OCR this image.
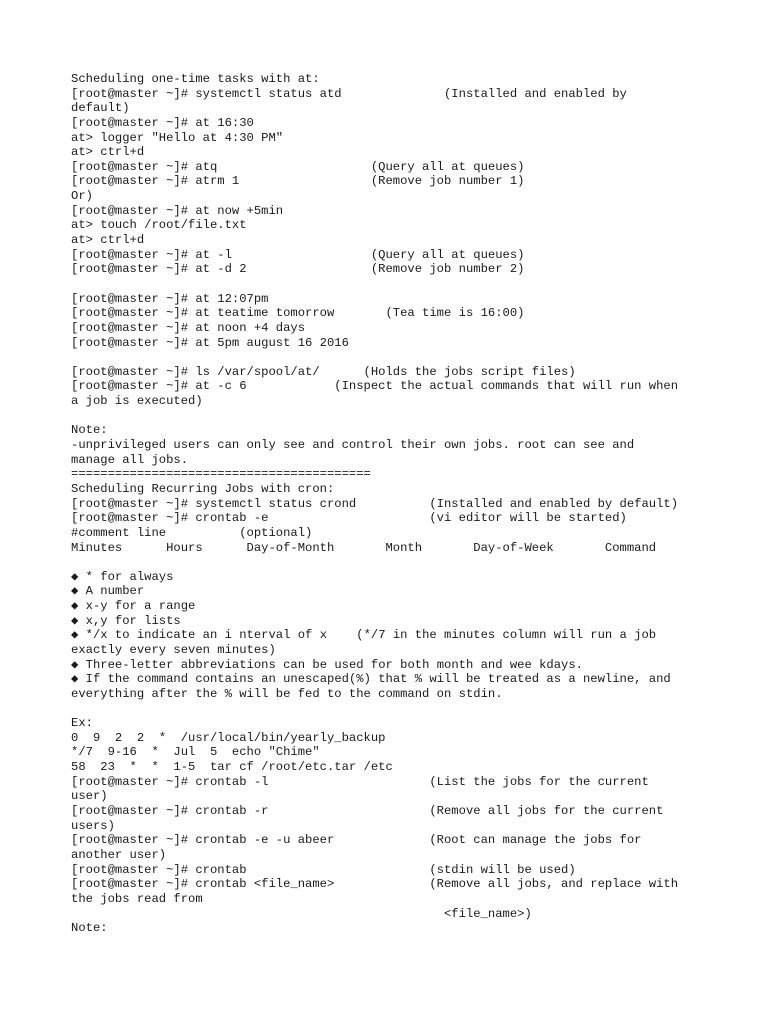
Scheduling one-time tasks with at:
[root@master ~]# systemctl status atd              (Installed and enabled by
default)
[root@master ~]# at 16:30
at> logger "Hello at 4:30 PM"
at> ctrl+d
[root@master ~]# atq                     (Query all at queues)
[root@master ~]# atrm 1                  (Remove job number 1)
Or)
[root@master ~]# at now +5min
at> touch /root/file.txt
at> ctrl+d
[root@master ~]# at -l                   (Query all at queues)
[root@master ~]# at -d 2                 (Remove job number 2)
[root@master ~]# at 12:07pm
[root@master ~]# at teatime tomorrow       (Tea time is 16:00)
[root@master ~]# at noon +4 days
[root@master ~]# at 5pm august 16 2016
[root@master ~]# ls /var/spool/at/      (Holds the jobs script files)
[root@master ~]# at -c 6            (Inspect the actual commands that will run when
a job is executed)
Note:
-unprivileged users can only see and control their own jobs. root can see and
manage all jobs.
=========================================
Scheduling Recurring Jobs with cron:
[root@master ~]# systemctl status crond          (Installed and enabled by default)
[root@master ~]# crontab -e                      (vi editor will be started)
#comment line          (optional)
Minutes      Hours      Day-of-Month       Month       Day-of-Week       Command
◆ * for always
◆ A number
◆ x-y for a range
◆ x,y for lists
◆ */x to indicate an i nterval of x    (*/7 in the minutes column will run a job
exactly every seven minutes)
◆ Three-letter abbreviations can be used for both month and wee kdays.
◆ If the command contains an unescaped(%) that % will be treated as a newline, and
everything after the % will be fed to the command on stdin.
Ex:
0  9  2  2  *  /usr/local/bin/yearly_backup
*/7  9-16  *  Jul  5  echo "Chime"
58  23  *  *  1-5  tar cf /root/etc.tar /etc
[root@master ~]# crontab -l                      (List the jobs for the current
user)
[root@master ~]# crontab -r                      (Remove all jobs for the current
users)
[root@master ~]# crontab -e -u abeer             (Root can manage the jobs for
another user)
[root@master ~]# crontab                         (stdin will be used)
[root@master ~]# crontab <file_name>             (Remove all jobs, and replace with
the jobs read from
<file_name>)
Note:
